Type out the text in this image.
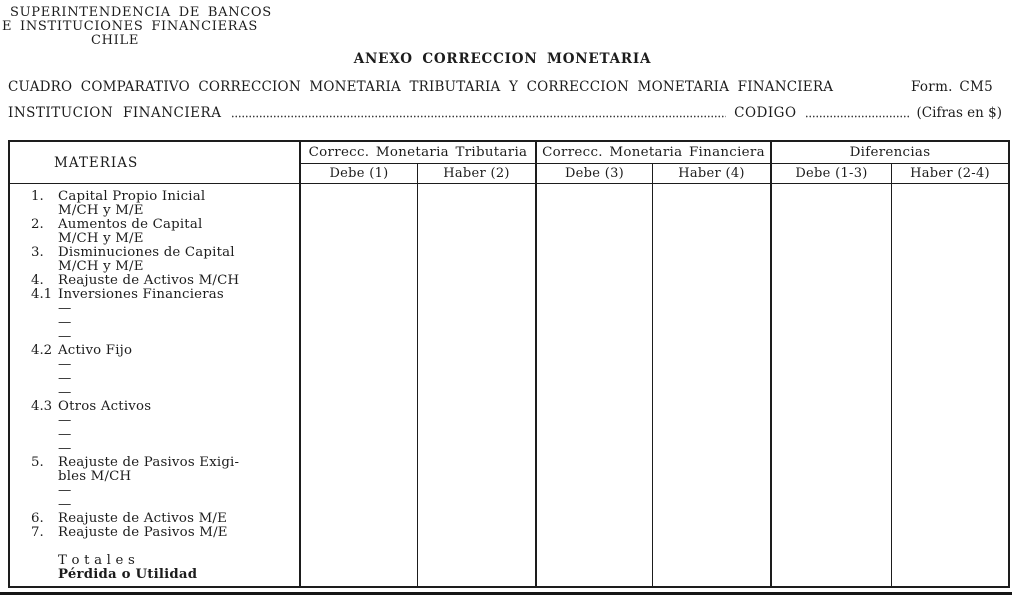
SUPERINTENDENCIA DE BANCOS
E INSTITUCIONES FINANCIERAS
CHILE
ANEXO CORRECCION MONETARIA
CUADRO COMPARATIVO CORRECCION MONETARIA TRIBUTARIA Y CORRECCION MONETARIA FINANCIERA	Form. CM5
INSTITUCION FINANCIERA	CODIGO	(Cifras en $)
MATERIAS
Correcc. Monetaria Tributaria	Correcc. Monetaria Financiera	Diferencias
Debe (1)	Haber (2)	Debe (3)	Haber (4)	Debe (1-3)	Haber (2-4)
1.	Capital Propio Inicial
M/CH y M/E
2.	Aumentos de Capital
M/CH y M/E
3.	Disminuciones de Capital
M/CH y M/E
4.	Reajuste de Activos M/CH
4.1 Inversiones Financieras
—
—
—
4.2 Activo Fijo
—
—
—
4.3 Otros Activos
—
—
—
5.	Reajuste de Pasivos Exigi-
bles M/CH
—
—
6.	Reajuste de Activos M/E
7.	Reajuste de Pasivos M/E
T o t a l e s
Pérdida o Utilidad
